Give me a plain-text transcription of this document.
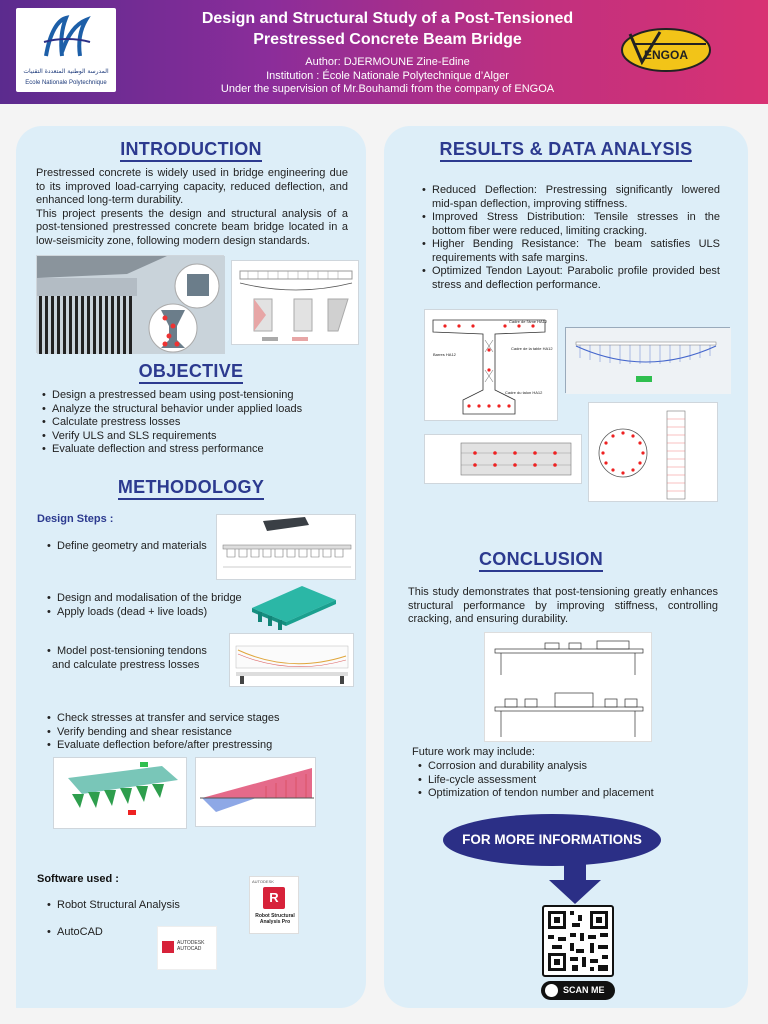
المدرسة الوطنية المتعددة التقنيات
Ecole Nationale Polytechnique
Design and Structural Study of a Post-Tensioned
Prestressed Concrete Beam Bridge
Author: DJERMOUNE Zine-Edine
Institution : École Nationale Polytechnique d’Alger
Under the supervision of Mr.Bouhamdi from the company of ENGOA
ENGOA
INTRODUCTION
Prestressed concrete is widely used in bridge engineering due to its improved load-carrying capacity, reduced deflection, and enhanced long-term durability.
This project presents the design and structural analysis of a post-tensioned prestressed concrete beam bridge located in a low-seismicity zone, following modern design standards.
OBJECTIVE
• Design a prestressed beam using post-tensioning
• Analyze the structural behavior under applied loads
• Calculate prestress losses
• Verify ULS and SLS requirements
• Evaluate deflection and stress performance
METHODOLOGY
Design Steps :
• Define geometry and materials
• Design and modalisation of the bridge
• Apply loads (dead + live loads)
• Model post-tensioning tendons
and calculate prestress losses
• Check stresses at transfer and service stages
• Verify bending and shear resistance
• Evaluate deflection before/after prestressing
Software used :
• Robot Structural Analysis
• AutoCAD
AUTODESK
R
Robot Structural Analysis Pro
AUTODESK AUTOCAD
RESULTS & DATA ANALYSIS
• Reduced Deflection: Prestressing significantly lowered mid-span deflection, improving stiffness.
• Improved Stress Distribution: Tensile stresses in the bottom fiber were reduced, limiting cracking.
• Higher Bending Resistance: The beam satisfies ULS requirements with safe margins.
• Optimized Tendon Layout: Parabolic profile provided best stress and deflection performance.
Cadre de l'âme HA12
Cadre de la table HA12
Barres HA12
Cadre du talon HA12
CONCLUSION
This study demonstrates that post-tensioning greatly enhances structural performance by improving stiffness, controlling cracking, and ensuring durability.
Future work may include:
• Corrosion and durability analysis
• Life-cycle assessment
• Optimization of tendon number and placement
FOR MORE INFORMATIONS
SCAN ME
